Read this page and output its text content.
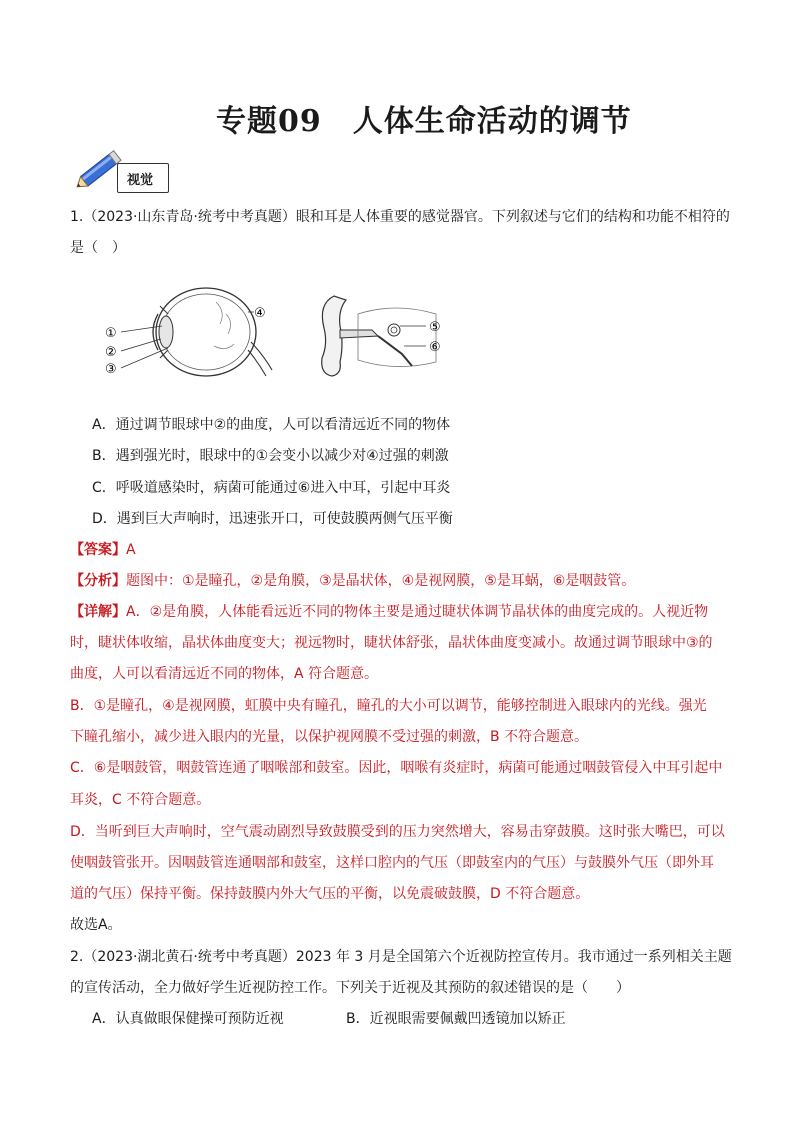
专题09　人体生命活动的调节
视觉
1.（2023·山东青岛·统考中考真题）眼和耳是人体重要的感觉器官。下列叙述与它们的结构和功能不相符的
是（　）
①
②
③
④
⑤
⑥
A．通过调节眼球中②的曲度，人可以看清远近不同的物体
B．遇到强光时，眼球中的①会变小以减少对④过强的刺激
C．呼吸道感染时，病菌可能通过⑥进入中耳，引起中耳炎
D．遇到巨大声响时，迅速张开口，可使鼓膜两侧气压平衡
【答案】A
【分析】题图中：①是瞳孔，②是角膜，③是晶状体，④是视网膜，⑤是耳蜗，⑥是咽鼓管。
【详解】A．②是角膜，人体能看远近不同的物体主要是通过睫状体调节晶状体的曲度完成的。人视近物
时，睫状体收缩，晶状体曲度变大；视远物时，睫状体舒张，晶状体曲度变减小。故通过调节眼球中③的
曲度，人可以看清远近不同的物体，A 符合题意。
B．①是瞳孔，④是视网膜，虹膜中央有瞳孔，瞳孔的大小可以调节，能够控制进入眼球内的光线。强光
下瞳孔缩小，减少进入眼内的光量，以保护视网膜不受过强的刺激，B 不符合题意。
C．⑥是咽鼓管，咽鼓管连通了咽喉部和鼓室。因此，咽喉有炎症时，病菌可能通过咽鼓管侵入中耳引起中
耳炎，C 不符合题意。
D．当听到巨大声响时，空气震动剧烈导致鼓膜受到的压力突然增大，容易击穿鼓膜。这时张大嘴巴，可以
使咽鼓管张开。因咽鼓管连通咽部和鼓室，这样口腔内的气压（即鼓室内的气压）与鼓膜外气压（即外耳
道的气压）保持平衡。保持鼓膜内外大气压的平衡，以免震破鼓膜，D 不符合题意。
故选A。
2.（2023·湖北黄石·统考中考真题）2023 年 3 月是全国第六个近视防控宣传月。我市通过一系列相关主题
的宣传活动，全力做好学生近视防控工作。下列关于近视及其预防的叙述错误的是（　　）
A．认真做眼保健操可预防近视	B．近视眼需要佩戴凹透镜加以矫正
